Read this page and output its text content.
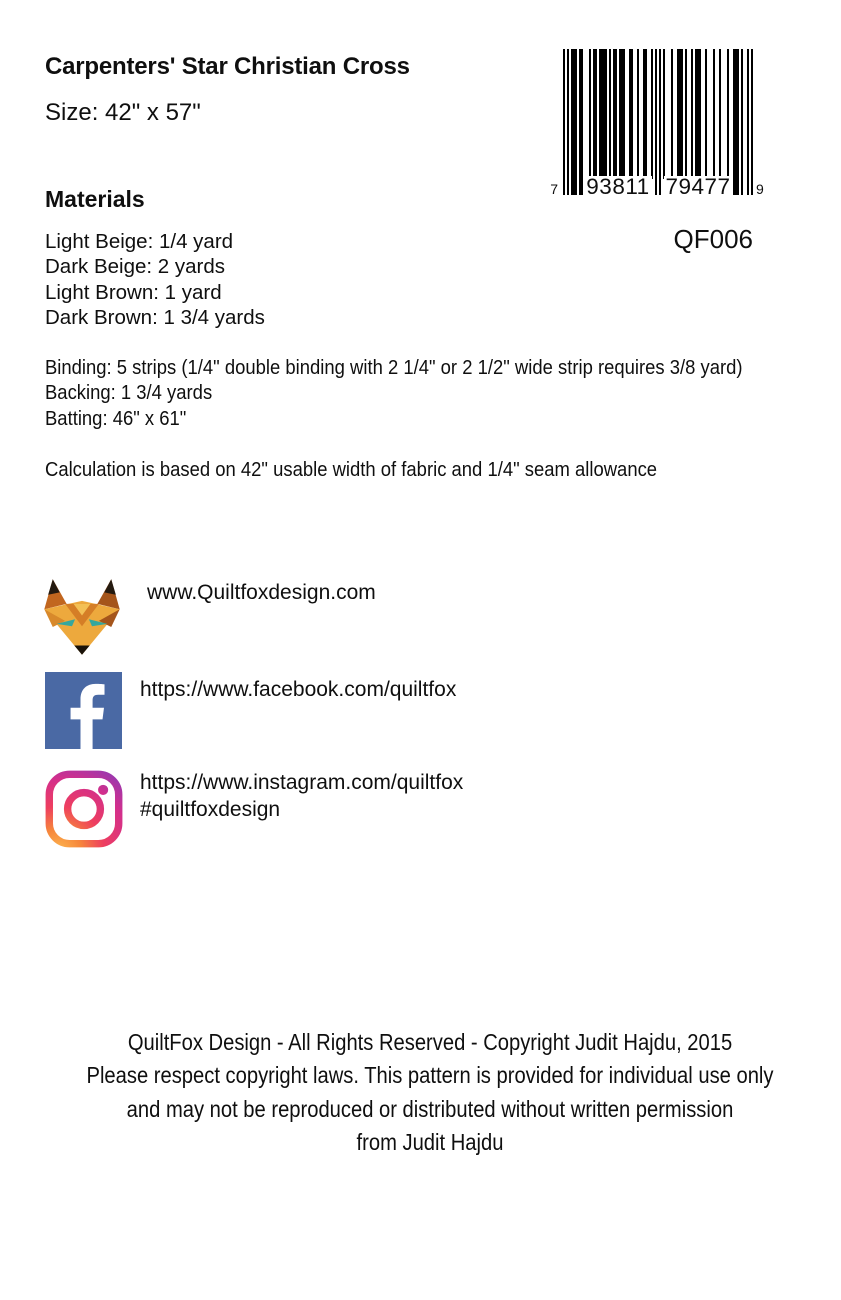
Carpenters' Star Christian Cross
Size: 42" x 57"
7 93811 79477 9
QF006
Materials
Light Beige: 1/4 yard
Dark Beige: 2 yards
Light Brown: 1 yard
Dark Brown: 1 3/4 yards
Binding: 5 strips (1/4" double binding with 2 1/4" or 2 1/2" wide strip requires 3/8 yard)
Backing: 1 3/4 yards
Batting: 46" x 61"
Calculation is based on 42" usable width of fabric and 1/4" seam allowance
www.Quiltfoxdesign.com
https://www.facebook.com/quiltfox
https://www.instagram.com/quiltfox
#quiltfoxdesign
QuiltFox Design - All Rights Reserved - Copyright Judit Hajdu, 2015
Please respect copyright laws. This pattern is provided for individual use only
and may not be reproduced or distributed without written permission
from Judit Hajdu
